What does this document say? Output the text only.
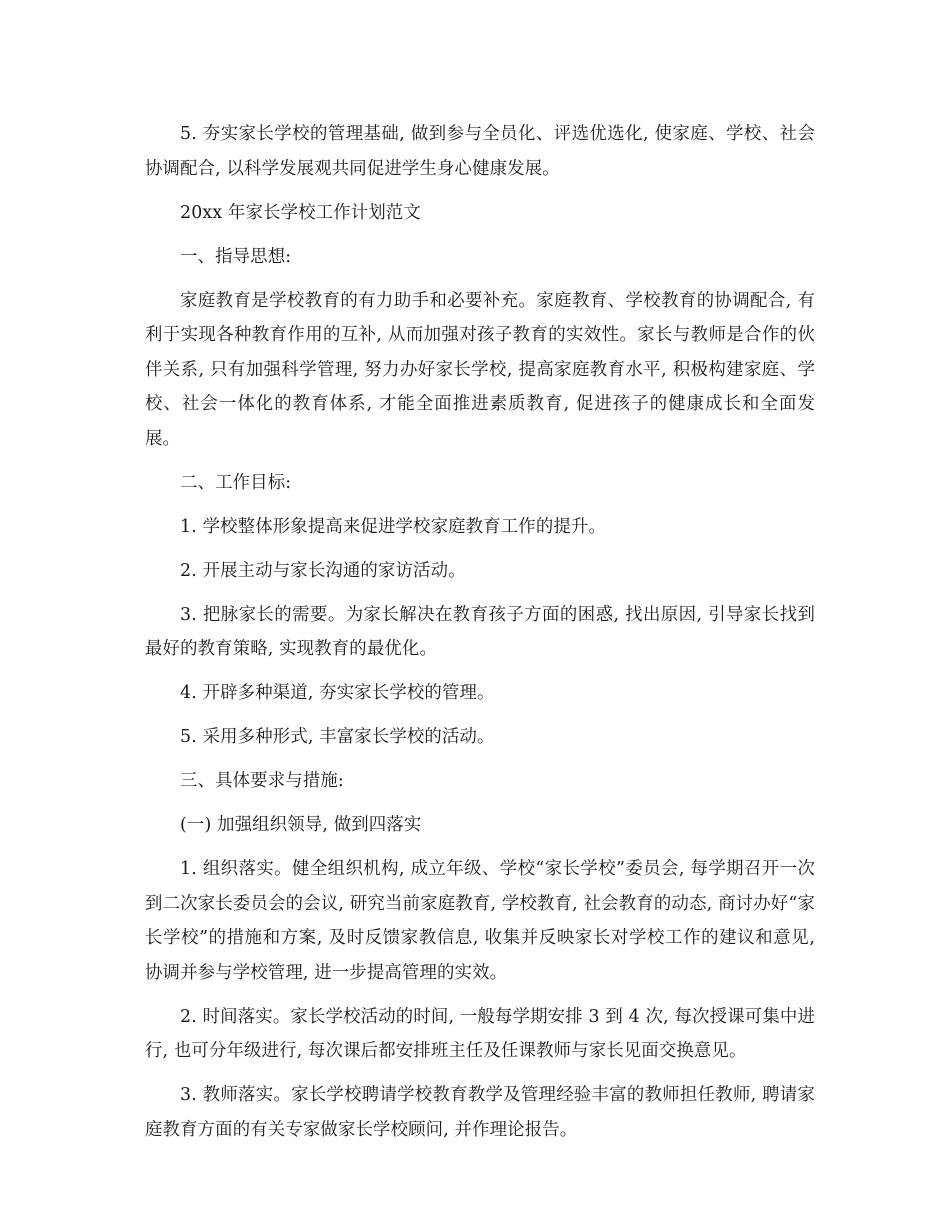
5. 夯实家长学校的管理基础, 做到参与全员化、评选优选化, 使家庭、学校、社会协调配合, 以科学发展观共同促进学生身心健康发展。

20xx 年家长学校工作计划范文

一、指导思想:

家庭教育是学校教育的有力助手和必要补充。家庭教育、学校教育的协调配合, 有利于实现各种教育作用的互补, 从而加强对孩子教育的实效性。家长与教师是合作的伙伴关系, 只有加强科学管理, 努力办好家长学校, 提高家庭教育水平, 积极构建家庭、学校、社会一体化的教育体系, 才能全面推进素质教育, 促进孩子的健康成长和全面发展。

二、工作目标:

1. 学校整体形象提高来促进学校家庭教育工作的提升。

2. 开展主动与家长沟通的家访活动。

3. 把脉家长的需要。为家长解决在教育孩子方面的困惑, 找出原因, 引导家长找到最好的教育策略, 实现教育的最优化。

4. 开辟多种渠道, 夯实家长学校的管理。

5. 采用多种形式, 丰富家长学校的活动。

三、具体要求与措施:

(一) 加强组织领导, 做到四落实

1. 组织落实。健全组织机构, 成立年级、学校“家长学校”委员会, 每学期召开一次到二次家长委员会的会议, 研究当前家庭教育, 学校教育, 社会教育的动态, 商讨办好“家长学校”的措施和方案, 及时反馈家教信息, 收集并反映家长对学校工作的建议和意见, 协调并参与学校管理, 进一步提高管理的实效。

2. 时间落实。家长学校活动的时间, 一般每学期安排 3 到 4 次, 每次授课可集中进行, 也可分年级进行, 每次课后都安排班主任及任课教师与家长见面交换意见。

3. 教师落实。家长学校聘请学校教育教学及管理经验丰富的教师担任教师, 聘请家庭教育方面的有关专家做家长学校顾问, 并作理论报告。
